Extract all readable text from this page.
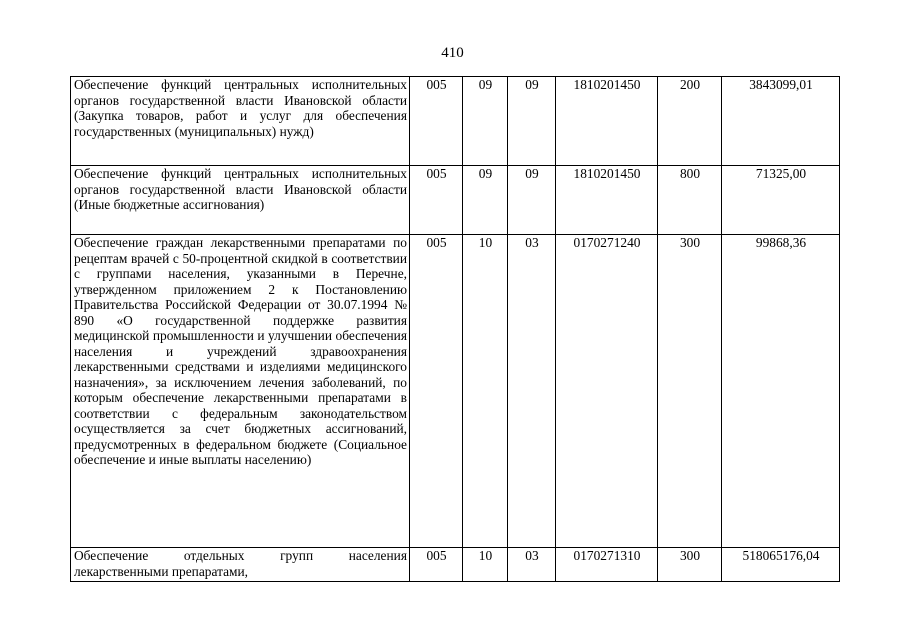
410
Обеспечение функций центральных исполнительных органов государственной власти Ивановской области (Закупка товаров, работ и услуг для обеспечения государственных (муниципальных) нужд)	005	09	09	1810201450	200	3843099,01

Обеспечение функций центральных исполнительных органов государственной власти Ивановской области (Иные бюджетные ассигнования)	005	09	09	1810201450	800	71325,00

Обеспечение граждан лекарственными препаратами по рецептам врачей с 50-процентной скидкой в соответствии с группами населения, указанными в Перечне, утвержденном приложением 2 к Постановлению Правительства Российской Федерации от 30.07.1994 № 890 «О государственной поддержке развития медицинской промышленности и улучшении обеспечения населения и учреждений здравоохранения лекарственными средствами и изделиями медицинского назначения», за исключением лечения заболеваний, по которым обеспечение лекарственными препаратами в соответствии с федеральным законодательством осуществляется за счет бюджетных ассигнований, предусмотренных в федеральном бюджете (Социальное обеспечение и иные выплаты населению)	005	10	03	0170271240	300	99868,36

Обеспечение отдельных групп населения лекарственными препаратами,	005	10	03	0170271310	300	518065176,04
